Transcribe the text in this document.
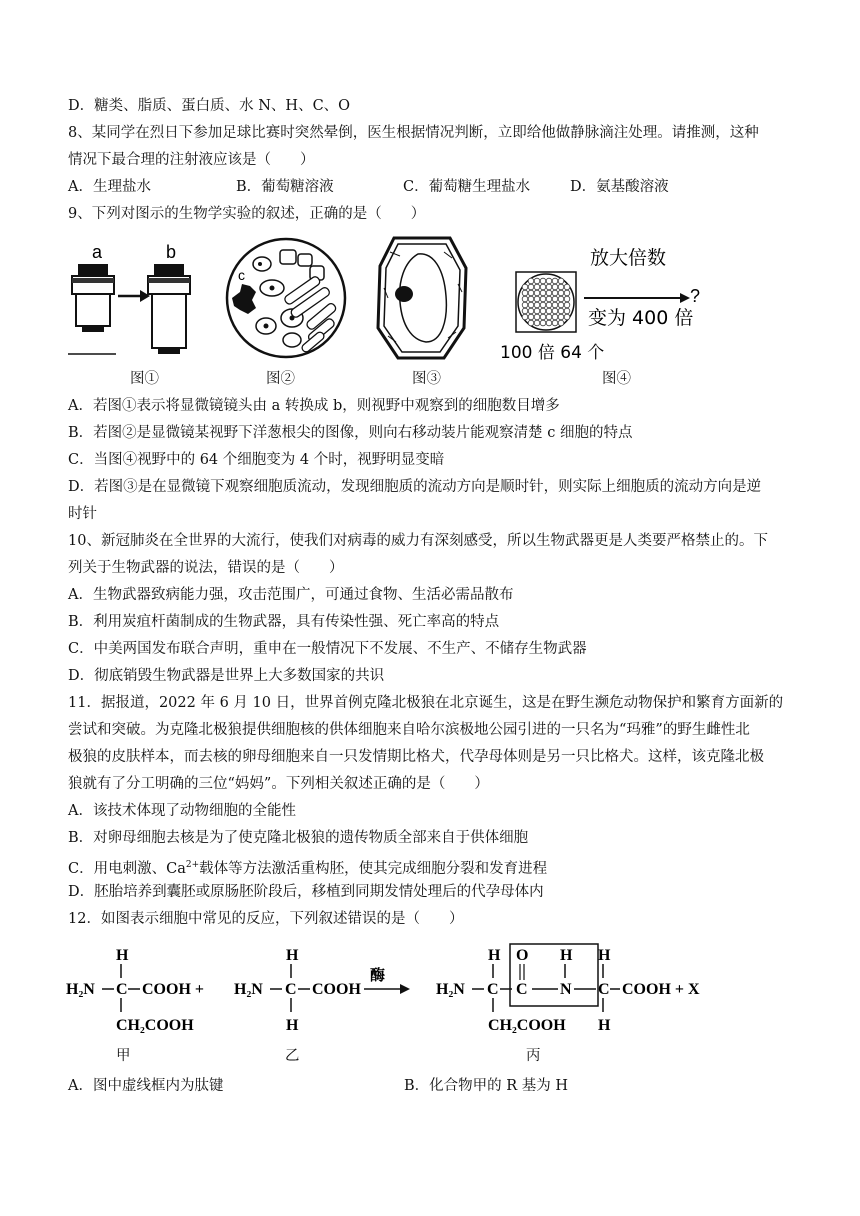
D．糖类、脂质、蛋白质、水 N、H、C、O
8、某同学在烈日下参加足球比赛时突然晕倒，医生根据情况判断，立即给他做静脉滴注处理。请推测，这种
情况下最合理的注射液应该是（　　）
A．生理盐水	B．葡萄糖溶液	C．葡萄糖生理盐水	D．氨基酸溶液
9、下列对图示的生物学实验的叙述，正确的是（　　）
a	b
图①
c
图②	图③
放大倍数
?
变为 400 倍
100 倍 64 个
图④
A．若图①表示将显微镜镜头由 a 转换成 b，则视野中观察到的细胞数目增多
B．若图②是显微镜某视野下洋葱根尖的图像，则向右移动装片能观察清楚 c 细胞的特点
C．当图④视野中的 64 个细胞变为 4 个时，视野明显变暗
D．若图③是在显微镜下观察细胞质流动，发现细胞质的流动方向是顺时针，则实际上细胞质的流动方向是逆
时针
10、新冠肺炎在全世界的大流行，使我们对病毒的威力有深刻感受，所以生物武器更是人类要严格禁止的。下
列关于生物武器的说法，错误的是（　　）
A．生物武器致病能力强，攻击范围广，可通过食物、生活必需品散布
B．利用炭疽杆菌制成的生物武器，具有传染性强、死亡率高的特点
C．中美两国发布联合声明，重申在一般情况下不发展、不生产、不储存生物武器
D．彻底销毁生物武器是世界上大多数国家的共识
11．据报道，2022 年 6 月 10 日，世界首例克隆北极狼在北京诞生，这是在野生濒危动物保护和繁育方面新的
尝试和突破。为克隆北极狼提供细胞核的供体细胞来自哈尔滨极地公园引进的一只名为“玛雅”的野生雌性北
极狼的皮肤样本，而去核的卵母细胞来自一只发情期比格犬，代孕母体则是另一只比格犬。这样，该克隆北极
狼就有了分工明确的三位“妈妈”。下列相关叙述正确的是（　　）
A．该技术体现了动物细胞的全能性
B．对卵母细胞去核是为了使克隆北极狼的遗传物质全部来自于供体细胞
C．用电刺激、$Ca^{2+}$载体等方法激活重构胚，使其完成细胞分裂和发育进程
D．胚胎培养到囊胚或原肠胚阶段后，移植到同期发情处理后的代孕母体内
12．如图表示细胞中常见的反应，下列叙述错误的是（　　）
H
H₂N C COOH +
CH₂COOH
H
H₂N C COOH
H
酶
H
H₂N C
CH₂COOH
O
C N
H H
C COOH + X
H
甲	乙	丙
A．图中虚线框内为肽键	B．化合物甲的 R 基为 H
